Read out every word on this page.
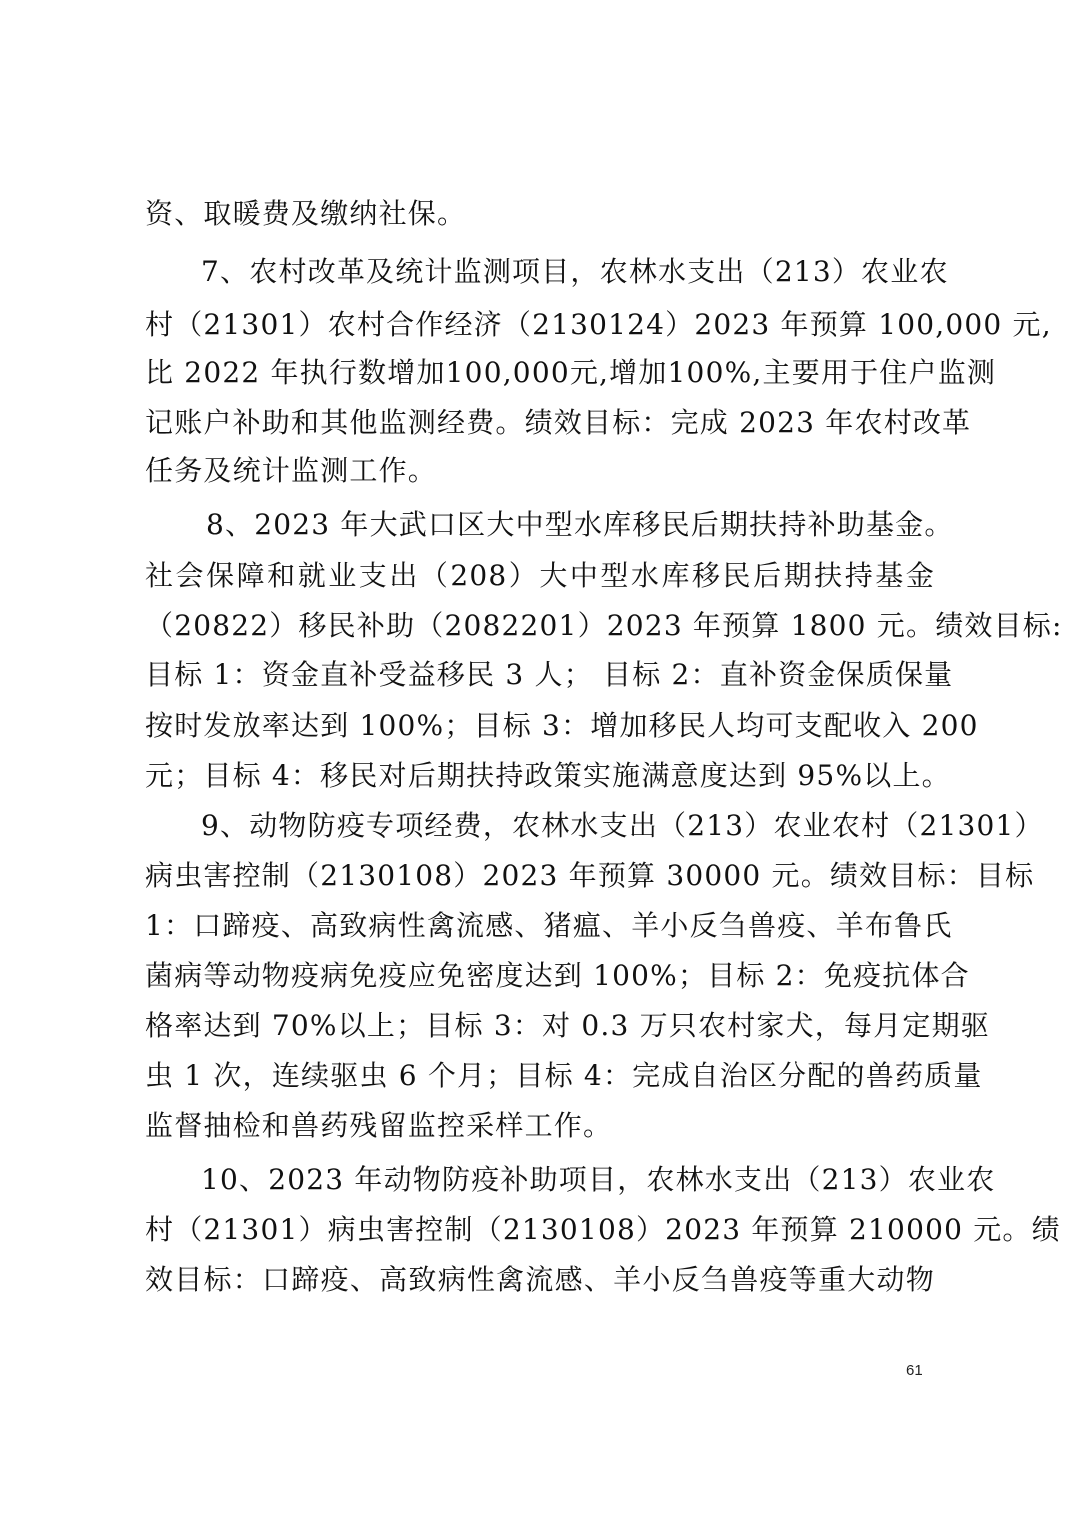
资、取暖费及缴纳社保。
7、农村改革及统计监测项目，农林水支出（213）农业农
村（21301）农村合作经济（2130124）2023 年预算 100,000 元,
比 2022 年执行数增加100,000元,增加100%,主要用于住户监测
记账户补助和其他监测经费。绩效目标：完成 2023 年农村改革
任务及统计监测工作。
8、2023 年大武口区大中型水库移民后期扶持补助基金。
社会保障和就业支出（208）大中型水库移民后期扶持基金
（20822）移民补助（2082201）2023 年预算 1800 元。绩效目标:
目标 1：资金直补受益移民 3 人； 目标 2：直补资金保质保量
按时发放率达到 100%；目标 3：增加移民人均可支配收入 200
元；目标 4：移民对后期扶持政策实施满意度达到 95%以上。
9、动物防疫专项经费，农林水支出（213）农业农村（21301）
病虫害控制（2130108）2023 年预算 30000 元。绩效目标：目标
1：口蹄疫、高致病性禽流感、猪瘟、羊小反刍兽疫、羊布鲁氏
菌病等动物疫病免疫应免密度达到 100%；目标 2：免疫抗体合
格率达到 70%以上；目标 3：对 0.3 万只农村家犬，每月定期驱
虫 1 次，连续驱虫 6 个月；目标 4：完成自治区分配的兽药质量
监督抽检和兽药残留监控采样工作。
10、2023 年动物防疫补助项目，农林水支出（213）农业农
村（21301）病虫害控制（2130108）2023 年预算 210000 元。绩
效目标：口蹄疫、高致病性禽流感、羊小反刍兽疫等重大动物
61
